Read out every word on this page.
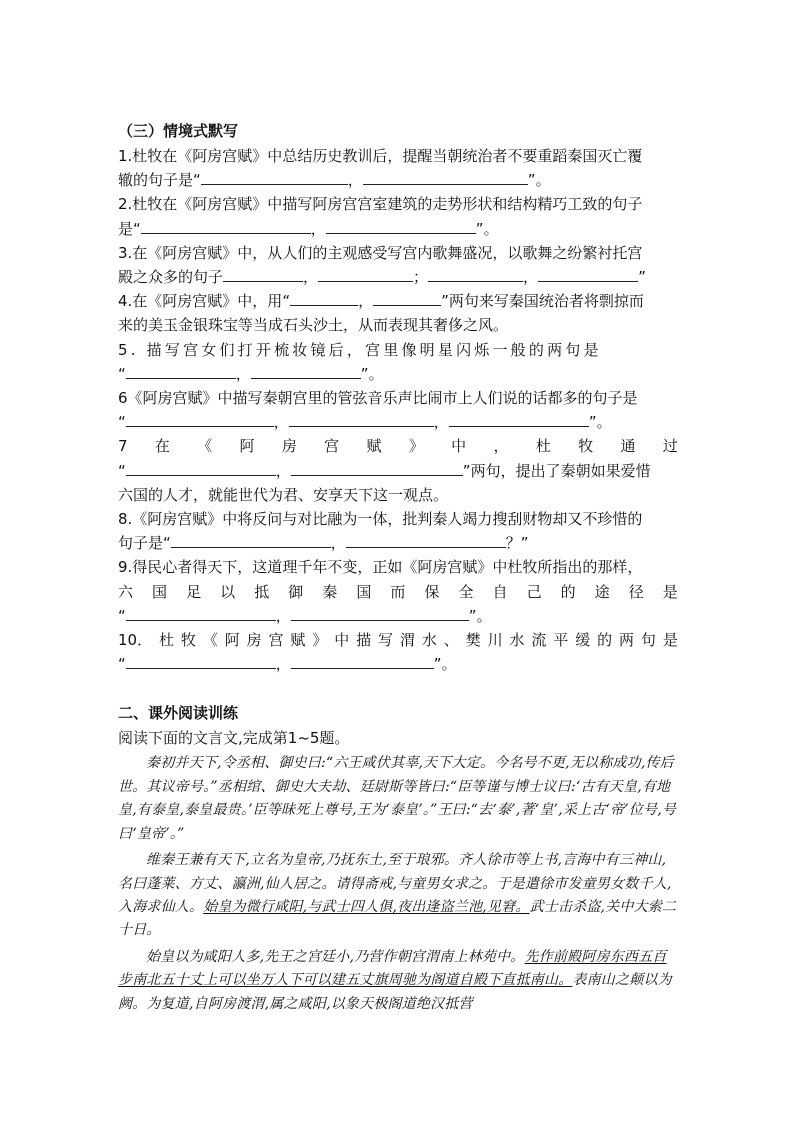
（三）情境式默写

1.杜牧在《阿房宫赋》中总结历史教训后，提醒当朝统治者不要重蹈秦国灭亡覆

辙的句子是“	，	”。

2.杜牧在《阿房宫赋》中描写阿房宫宫室建筑的走势形状和结构精巧工致的句子

是“	，	”。

3.在《阿房宫赋》中，从人们的主观感受写宫内歌舞盛况，以歌舞之纷繁衬托宫

殿之众多的句子	，	；	，	”

4.在《阿房宫赋》中，用“	，	”两句来写秦国统治者将剽掠而

来的美玉金银珠宝等当成石头沙土，从而表现其奢侈之风。

5. 描写宫女们打开梳妆镜后，宫里像明星闪烁一般的两句是

“	，	”。

6《阿房宫赋》中描写秦朝宫里的管弦音乐声比闹市上人们说的话都多的句子是

“	，	，	”。

7 在 《 阿 房 宫 赋 》 中 ， 杜 牧 通 过

“	，	”两句，提出了秦朝如果爱惜

六国的人才，就能世代为君、安享天下这一观点。

8.《阿房宫赋》中将反问与对比融为一体，批判秦人竭力搜刮财物却又不珍惜的

句子是“	，	？”

9.得民心者得天下，这道理千年不变，正如《阿房宫赋》中杜牧所指出的那样，

六 国 足 以 抵 御 秦 国 而 保 全 自 己 的 途 径 是

“	，	”。

10． 杜 牧 《 阿 房 宫 赋 》 中 描 写 渭 水 、 樊 川 水 流 平 缓 的 两 句 是

“	，	”。

二、课外阅读训练

阅读下面的文言文,完成第1~5题。

秦初并天下,令丞相、御史曰:“六王咸伏其辜,天下大定。今名号不更,无以称成功,传后世。其议帝号。”丞相绾、御史大夫劫、廷尉斯等皆曰:“臣等谨与博士议曰:‘古有天皇,有地皇,有泰皇,泰皇最贵。’臣等昧死上尊号,王为‘泰皇’。”王曰:“去‘泰’,著‘皇’,采上古‘帝’位号,号曰‘皇帝’。”

维秦王兼有天下,立名为皇帝,乃抚东土,至于琅邪。齐人徐市等上书,言海中有三神山,名曰蓬莱、方丈、瀛洲,仙人居之。请得斋戒,与童男女求之。于是遣徐市发童男女数千人,入海求仙人。始皇为微行咸阳,与武士四人俱,夜出逢盗兰池,见窘。武士击杀盗,关中大索二十日。

始皇以为咸阳人多,先王之宫廷小,乃营作朝宫渭南上林苑中。先作前殿阿房东西五百步南北五十丈上可以坐万人下可以建五丈旗周驰为阁道自殿下直抵南山。表南山之颠以为阙。为复道,自阿房渡渭,属之咸阳,以象天极阁道绝汉抵营
